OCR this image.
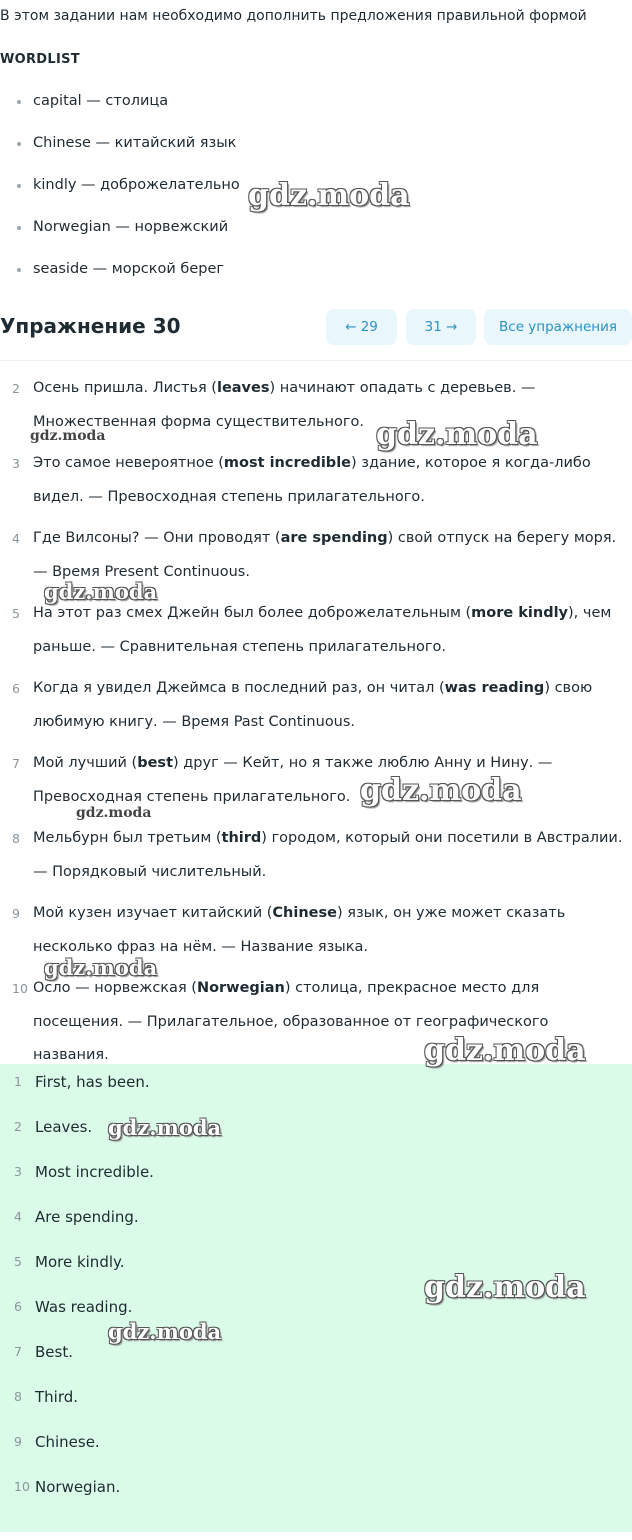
В этом задании нам необходимо дополнить предложения правильной формой
WORDLIST
capital — столица
Chinese — китайский язык
kindly — доброжелательно
Norwegian — норвежский
seaside — морской берег
Упражнение 30	← 29	31 →	Все упражнения
2 Осень пришла. Листья (leaves) начинают опадать с деревьев. — Множественная форма существительного.
3 Это самое невероятное (most incredible) здание, которое я когда-либо видел. — Превосходная степень прилагательного.
4 Где Вилсоны? — Они проводят (are spending) свой отпуск на берегу моря. — Время Present Continuous.
5 На этот раз смех Джейн был более доброжелательным (more kindly), чем раньше. — Сравнительная степень прилагательного.
6 Когда я увидел Джеймса в последний раз, он читал (was reading) свою любимую книгу. — Время Past Continuous.
7 Мой лучший (best) друг — Кейт, но я также люблю Анну и Нину. — Превосходная степень прилагательного.
8 Мельбурн был третьим (third) городом, который они посетили в Австралии. — Порядковый числительный.
9 Мой кузен изучает китайский (Chinese) язык, он уже может сказать несколько фраз на нём. — Название языка.
10 Осло — норвежская (Norwegian) столица, прекрасное место для посещения. — Прилагательное, образованное от географического названия.
1 First, has been.
2 Leaves.
3 Most incredible.
4 Are spending.
5 More kindly.
6 Was reading.
7 Best.
8 Third.
9 Chinese.
10 Norwegian.
gdz.moda
gdz.moda	gdz.moda
gdz.moda
gdz.moda
gdz.moda
gdz.moda
gdz.moda
gdz.moda
gdz.moda
gdz.moda
